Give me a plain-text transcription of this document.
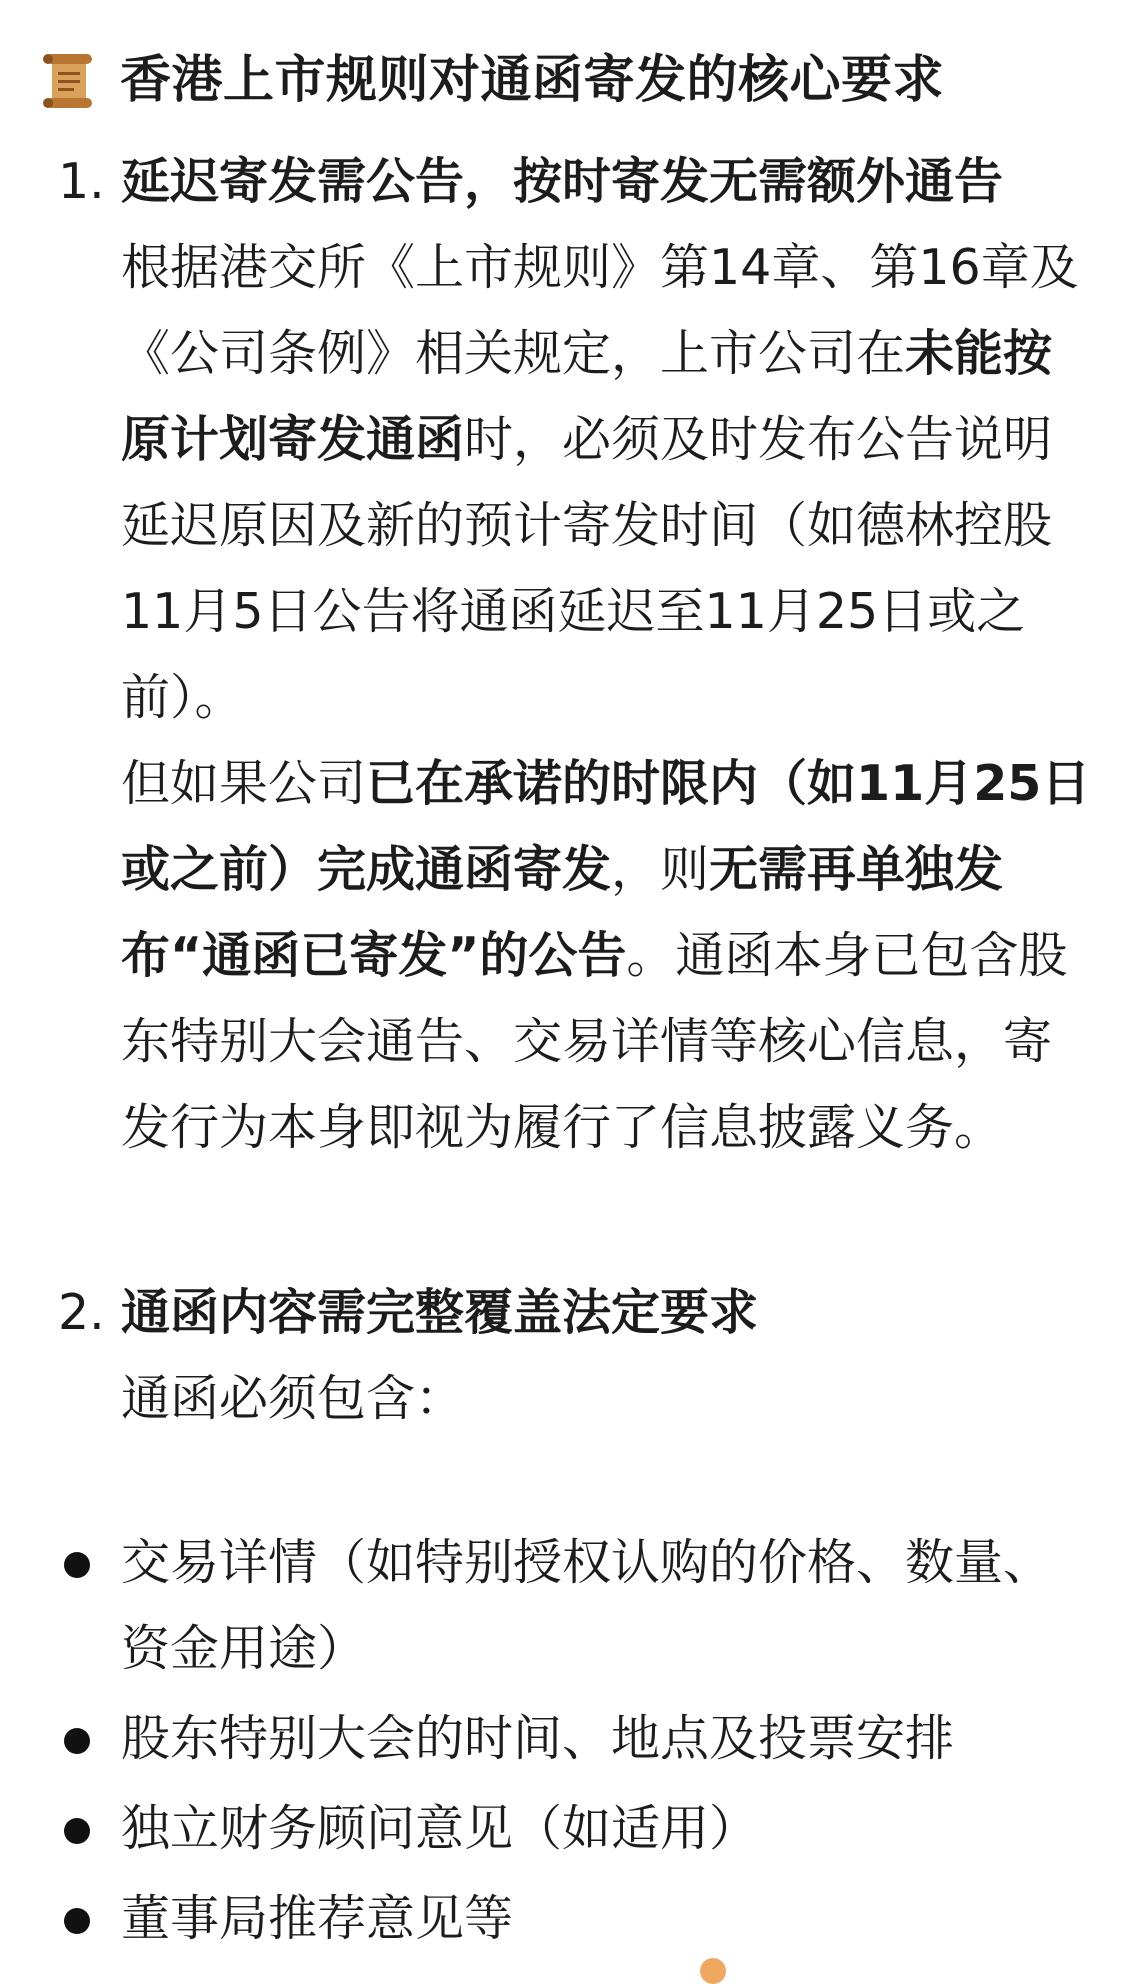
香港上市规则对通函寄发的核心要求
1. 延迟寄发需公告，按时寄发无需额外通告

根据港交所《上市规则》第14章、第16章及《公司条例》相关规定，上市公司在未能按原计划寄发通函时，必须及时发布公告说明延迟原因及新的预计寄发时间（如德林控股11月5日公告将通函延迟至11月25日或之前）。

但如果公司已在承诺的时限内（如11月25日或之前）完成通函寄发，则无需再单独发布“通函已寄发”的公告。通函本身已包含股东特别大会通告、交易详情等核心信息，寄发行为本身即视为履行了信息披露义务。

2. 通函内容需完整覆盖法定要求

通函必须包含：

交易详情（如特别授权认购的价格、数量、资金用途）
股东特别大会的时间、地点及投票安排
独立财务顾问意见（如适用）
董事局推荐意见等
